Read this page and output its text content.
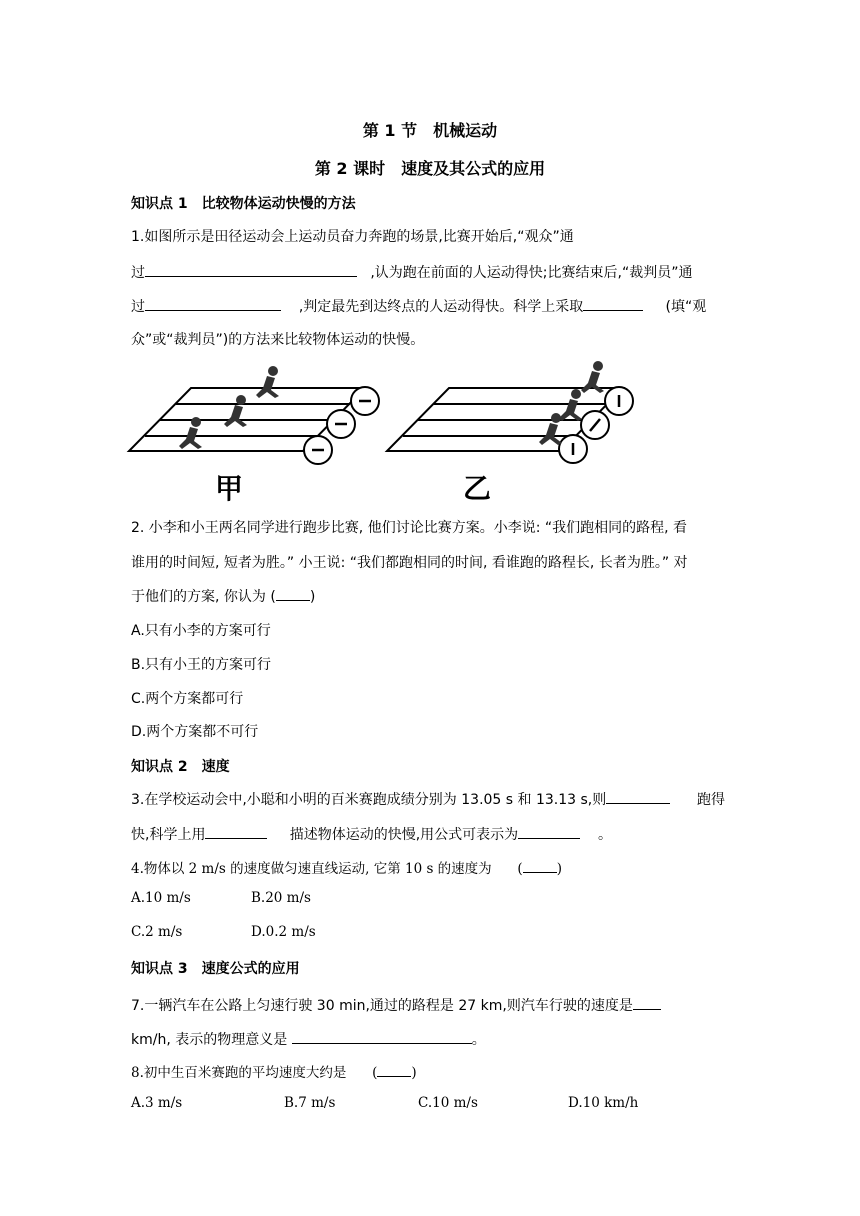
第 1 节　机械运动
第 2 课时　速度及其公式的应用
知识点 1　比较物体运动快慢的方法
1.如图所示是田径运动会上运动员奋力奔跑的场景,比赛开始后,“观众”通
过	,认为跑在前面的人运动得快;比赛结束后,“裁判员”通
过	,判定最先到达终点的人运动得快。科学上采取	(填“观
众”或“裁判员”)的方法来比较物体运动的快慢。
甲	乙
2. 小李和小王两名同学进行跑步比赛, 他们讨论比赛方案。小李说: “我们跑相同的路程, 看
谁用的时间短, 短者为胜。” 小王说: “我们都跑相同的时间, 看谁跑的路程长, 长者为胜。” 对
于他们的方案, 你认为 ( )
A.只有小李的方案可行
B.只有小王的方案可行
C.两个方案都可行
D.两个方案都不可行
知识点 2　速度
3.在学校运动会中,小聪和小明的百米赛跑成绩分别为 13.05 s 和 13.13 s,则	跑得
快,科学上用	描述物体运动的快慢,用公式可表示为	。
4.物体以 2 m/s 的速度做匀速直线运动, 它第 10 s 的速度为      (	)
A.10 m/s	B.20 m/s
C.2 m/s	D.0.2 m/s
知识点 3　速度公式的应用
7.一辆汽车在公路上匀速行驶 30 min,通过的路程是 27 km,则汽车行驶的速度是
km/h, 表示的物理意义是	。
8.初中生百米赛跑的平均速度大约是      (	)
A.3 m/s	B.7 m/s	C.10 m/s	D.10 km/h
